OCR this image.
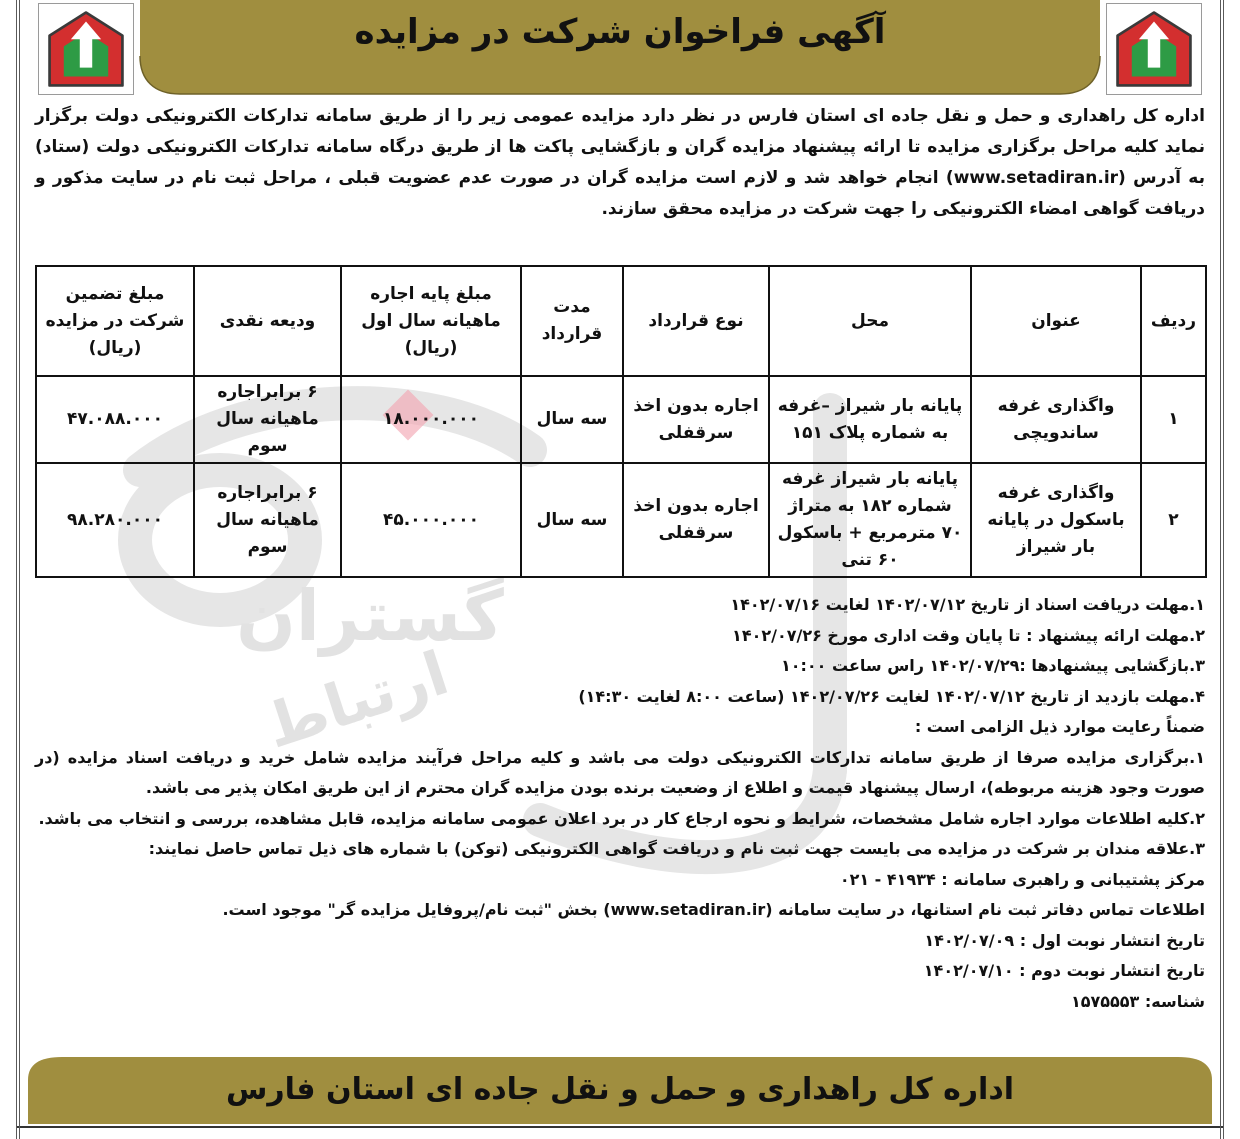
آگهی فراخوان شرکت در مزایده
گستران
ارتباط

اداره کل راهداری و حمل و نقل جاده ای استان فارس در نظر دارد مزایده عمومی زیر را از طریق سامانه تدارکات الکترونیکی دولت برگزار نماید کلیه مراحل برگزاری مزایده تا ارائه پیشنهاد مزایده گران و بازگشایی پاکت ها از طریق درگاه سامانه تدارکات الکترونیکی دولت (ستاد) به آدرس (www.setadiran.ir) انجام خواهد شد و لازم است مزایده گران در صورت عدم عضویت قبلی ، مراحل ثبت نام در سایت مذکور و دریافت گواهی امضاء الکترونیکی را جهت شرکت در مزایده محقق سازند.

ردیف	عنوان	محل	نوع قرارداد	مدت قرارداد	مبلغ پایه اجاره ماهیانه سال اول (ریال)	ودیعه نقدی	مبلغ تضمین شرکت در مزایده (ریال)
۱	واگذاری غرفه ساندویچی	پایانه بار شیراز –غرفه به شماره پلاک ۱۵۱	اجاره بدون اخذ سرقفلی	سه سال	۱۸.۰۰۰.۰۰۰	۶ برابراجاره ماهیانه سال سوم	۴۷.۰۸۸.۰۰۰
۲	واگذاری غرفه باسکول در پایانه بار شیراز	پایانه بار شیراز غرفه شماره ۱۸۲ به متراژ ۷۰ مترمربع + باسکول ۶۰ تنی	اجاره بدون اخذ سرقفلی	سه سال	۴۵.۰۰۰.۰۰۰	۶ برابراجاره ماهیانه سال سوم	۹۸.۲۸۰.۰۰۰
۱.مهلت دریافت اسناد از تاریخ ۱۴۰۲/۰۷/۱۲ لغایت ۱۴۰۲/۰۷/۱۶
۲.مهلت ارائه پیشنهاد : تا پایان وقت اداری مورخ ۱۴۰۲/۰۷/۲۶
۳.بازگشایی پیشنهادها :۱۴۰۲/۰۷/۲۹ راس ساعت ۱۰:۰۰
۴.مهلت بازدید از تاریخ ۱۴۰۲/۰۷/۱۲ لغایت ۱۴۰۲/۰۷/۲۶ (ساعت ۸:۰۰ لغایت ۱۴:۳۰)
ضمناً رعایت موارد ذیل الزامی است :
۱.برگزاری مزایده صرفا از طریق سامانه تدارکات الکترونیکی دولت می باشد و کلیه مراحل فرآیند مزایده شامل خرید و دریافت اسناد مزایده (در صورت وجود هزینه مربوطه)، ارسال پیشنهاد قیمت و اطلاع از وضعیت برنده بودن مزایده گران محترم از این طریق امکان پذیر می باشد.
۲.کلیه اطلاعات موارد اجاره شامل مشخصات، شرایط و نحوه ارجاع کار در برد اعلان عمومی سامانه مزایده، قابل مشاهده، بررسی و انتخاب می باشد.
۳.علاقه مندان بر شرکت در مزایده می بایست جهت ثبت نام و دریافت گواهی الکترونیکی (توکن) با شماره های ذیل تماس حاصل نمایند:
مرکز پشتیبانی و راهبری سامانه : ۴۱۹۳۴ - ۰۲۱
اطلاعات تماس دفاتر ثبت نام استانها، در سایت سامانه (www.setadiran.ir) بخش "ثبت نام/پروفایل مزایده گر" موجود است.
تاریخ انتشار نوبت اول : ۱۴۰۲/۰۷/۰۹
تاریخ انتشار نوبت دوم : ۱۴۰۲/۰۷/۱۰
شناسه: ۱۵۷۵۵۵۳
اداره کل راهداری و حمل و نقل جاده ای استان فارس
